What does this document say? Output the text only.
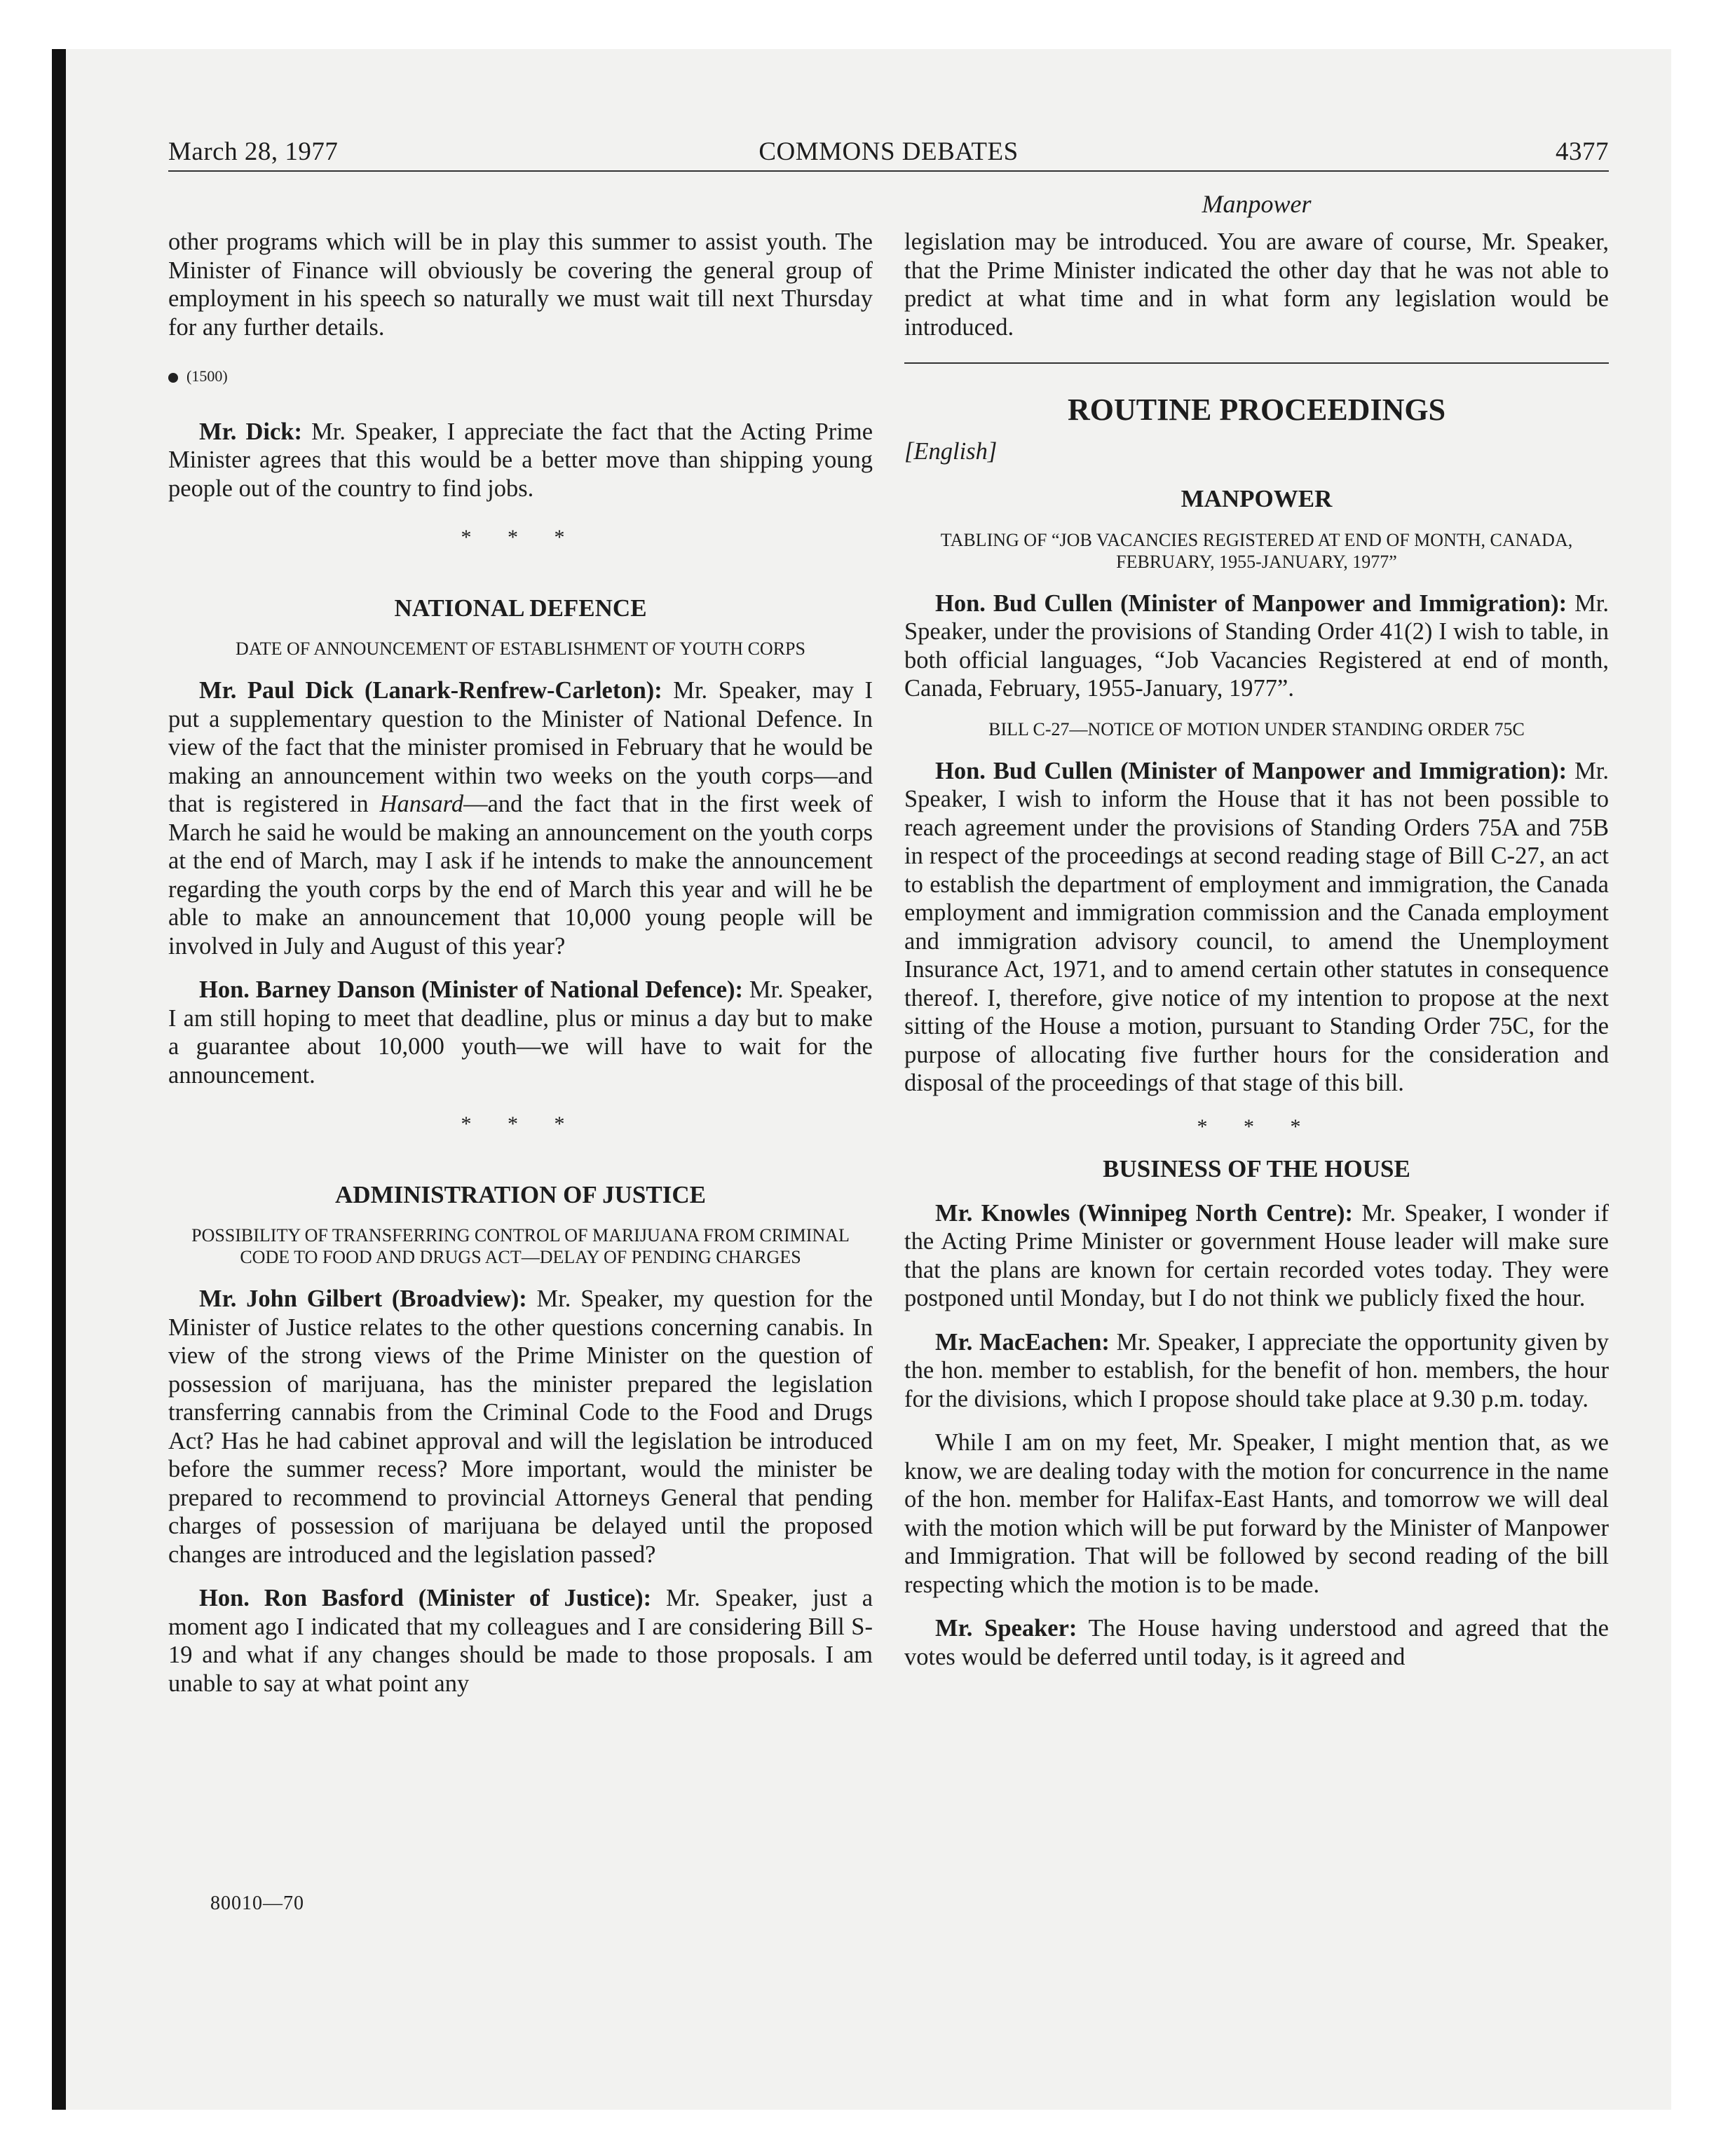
March 28, 1977	COMMONS DEBATES	4377
Manpower

other programs which will be in play this summer to assist youth. The Minister of Finance will obviously be covering the general group of employment in his speech so naturally we must wait till next Thursday for any further details.

(1500)

Mr. Dick: Mr. Speaker, I appreciate the fact that the Acting Prime Minister agrees that this would be a better move than shipping young people out of the country to find jobs.

* * *
NATIONAL DEFENCE
DATE OF ANNOUNCEMENT OF ESTABLISHMENT OF YOUTH CORPS

Mr. Paul Dick (Lanark-Renfrew-Carleton): Mr. Speaker, may I put a supplementary question to the Minister of National Defence. In view of the fact that the minister promised in February that he would be making an announcement within two weeks on the youth corps—and that is registered in Hansard—and the fact that in the first week of March he said he would be making an announcement on the youth corps at the end of March, may I ask if he intends to make the announcement regarding the youth corps by the end of March this year and will he be able to make an announcement that 10,000 young people will be involved in July and August of this year?

Hon. Barney Danson (Minister of National Defence): Mr. Speaker, I am still hoping to meet that deadline, plus or minus a day but to make a guarantee about 10,000 youth—we will have to wait for the announcement.

* * *
ADMINISTRATION OF JUSTICE
POSSIBILITY OF TRANSFERRING CONTROL OF MARIJUANA FROM CRIMINAL CODE TO FOOD AND DRUGS ACT—DELAY OF PENDING CHARGES

Mr. John Gilbert (Broadview): Mr. Speaker, my question for the Minister of Justice relates to the other questions concerning canabis. In view of the strong views of the Prime Minister on the question of possession of marijuana, has the minister prepared the legislation transferring cannabis from the Criminal Code to the Food and Drugs Act? Has he had cabinet approval and will the legislation be introduced before the summer recess? More important, would the minister be prepared to recommend to provincial Attorneys General that pending charges of possession of marijuana be delayed until the proposed changes are introduced and the legislation passed?

Hon. Ron Basford (Minister of Justice): Mr. Speaker, just a moment ago I indicated that my colleagues and I are considering Bill S-19 and what if any changes should be made to those proposals. I am unable to say at what point any

legislation may be introduced. You are aware of course, Mr. Speaker, that the Prime Minister indicated the other day that he was not able to predict at what time and in what form any legislation would be introduced.

ROUTINE PROCEEDINGS
[English]
MANPOWER
TABLING OF “JOB VACANCIES REGISTERED AT END OF MONTH, CANADA, FEBRUARY, 1955-JANUARY, 1977”

Hon. Bud Cullen (Minister of Manpower and Immigration): Mr. Speaker, under the provisions of Standing Order 41(2) I wish to table, in both official languages, “Job Vacancies Registered at end of month, Canada, February, 1955-January, 1977”.

BILL C-27—NOTICE OF MOTION UNDER STANDING ORDER 75C

Hon. Bud Cullen (Minister of Manpower and Immigration): Mr. Speaker, I wish to inform the House that it has not been possible to reach agreement under the provisions of Standing Orders 75A and 75B in respect of the proceedings at second reading stage of Bill C-27, an act to establish the department of employment and immigration, the Canada employment and immigration commission and the Canada employment and immigration advisory council, to amend the Unemployment Insurance Act, 1971, and to amend certain other statutes in consequence thereof. I, therefore, give notice of my intention to propose at the next sitting of the House a motion, pursuant to Standing Order 75C, for the purpose of allocating five further hours for the consideration and disposal of the proceedings of that stage of this bill.

* * *
BUSINESS OF THE HOUSE

Mr. Knowles (Winnipeg North Centre): Mr. Speaker, I wonder if the Acting Prime Minister or government House leader will make sure that the plans are known for certain recorded votes today. They were postponed until Monday, but I do not think we publicly fixed the hour.

Mr. MacEachen: Mr. Speaker, I appreciate the opportunity given by the hon. member to establish, for the benefit of hon. members, the hour for the divisions, which I propose should take place at 9.30 p.m. today.

While I am on my feet, Mr. Speaker, I might mention that, as we know, we are dealing today with the motion for concurrence in the name of the hon. member for Halifax-East Hants, and tomorrow we will deal with the motion which will be put forward by the Minister of Manpower and Immigration. That will be followed by second reading of the bill respecting which the motion is to be made.

Mr. Speaker: The House having understood and agreed that the votes would be deferred until today, is it agreed and

80010—70
